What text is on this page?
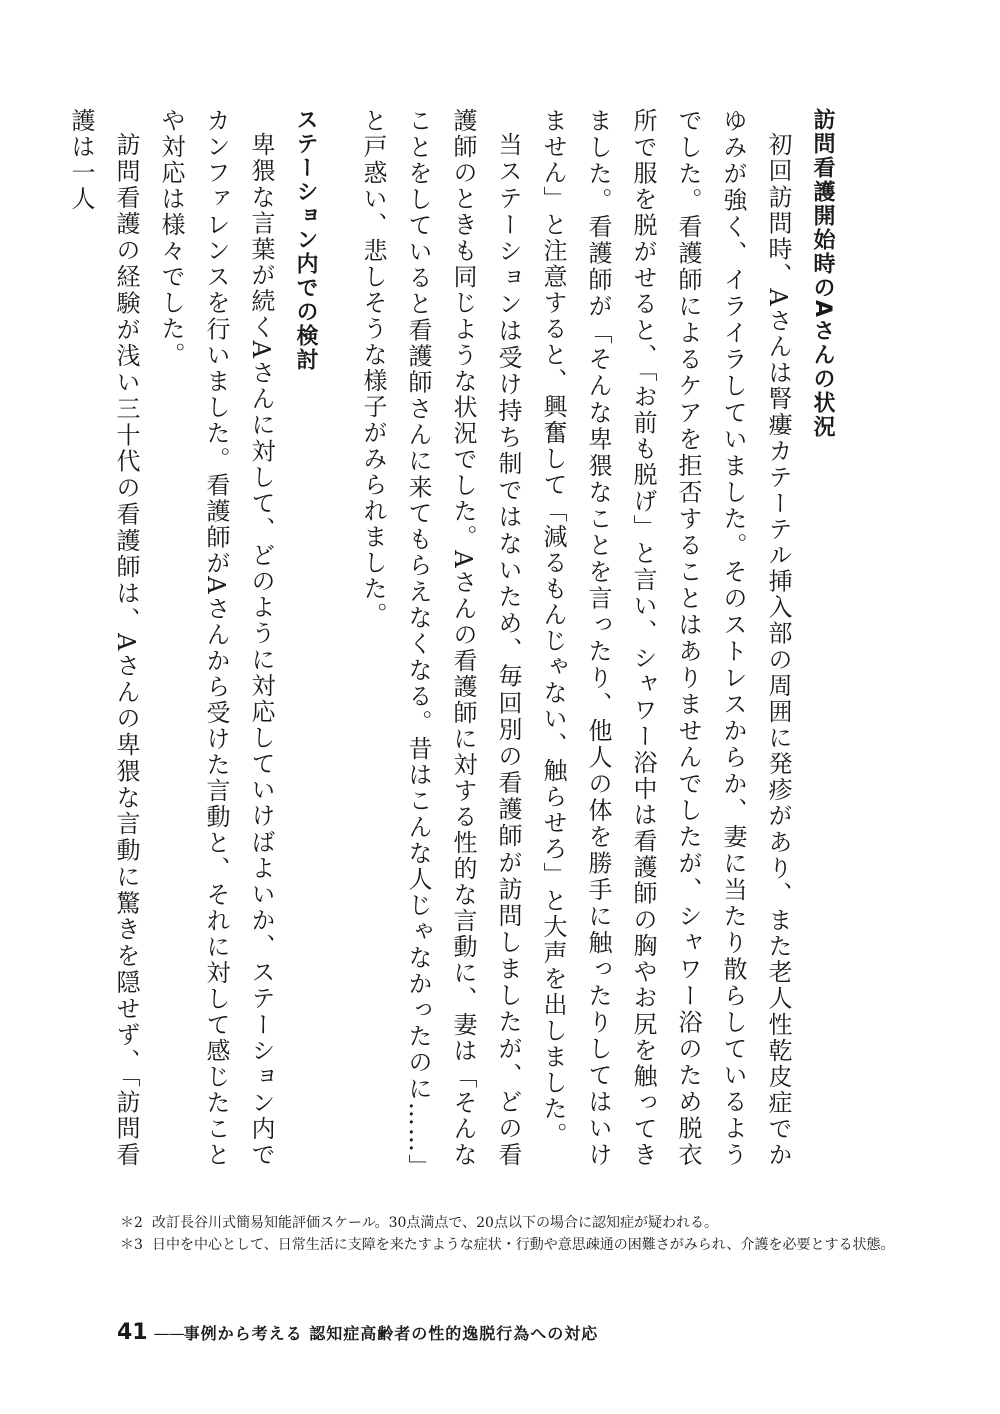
訪問看護開始時のAさんの状況

初回訪問時、Aさんは腎瘻カテーテル挿入部の周囲に発疹があり、また老人性乾皮症でかゆみが強く、イライラしていました。そのストレスからか、妻に当たり散らしているようでした。看護師によるケアを拒否することはありませんでしたが、シャワー浴のため脱衣所で服を脱がせると、「お前も脱げ」と言い、シャワー浴中は看護師の胸やお尻を触ってきました。看護師が「そんな卑猥なことを言ったり、他人の体を勝手に触ったりしてはいけません」と注意すると、興奮して「減るもんじゃない、触らせろ」と大声を出しました。

当ステーションは受け持ち制ではないため、毎回別の看護師が訪問しましたが、どの看護師のときも同じような状況でした。Aさんの看護師に対する性的な言動に、妻は「そんなことをしていると看護師さんに来てもらえなくなる。昔はこんな人じゃなかったのに……」と戸惑い、悲しそうな様子がみられました。

ステーション内での検討

卑猥な言葉が続くAさんに対して、どのように対応していけばよいか、ステーション内でカンファレンスを行いました。看護師がAさんから受けた言動と、それに対して感じたことや対応は様々でした。

訪問看護の経験が浅い三十代の看護師は、Aさんの卑猥な言動に驚きを隠せず、「訪問看護は一人

＊2 改訂長谷川式簡易知能評価スケール。30点満点で、20点以下の場合に認知症が疑われる。
＊3 日中を中心として、日常生活に支障を来たすような症状・行動や意思疎通の困難さがみられ、介護を必要とする状態。
41 —— 事例から考える 認知症高齢者の性的逸脱行為への対応
